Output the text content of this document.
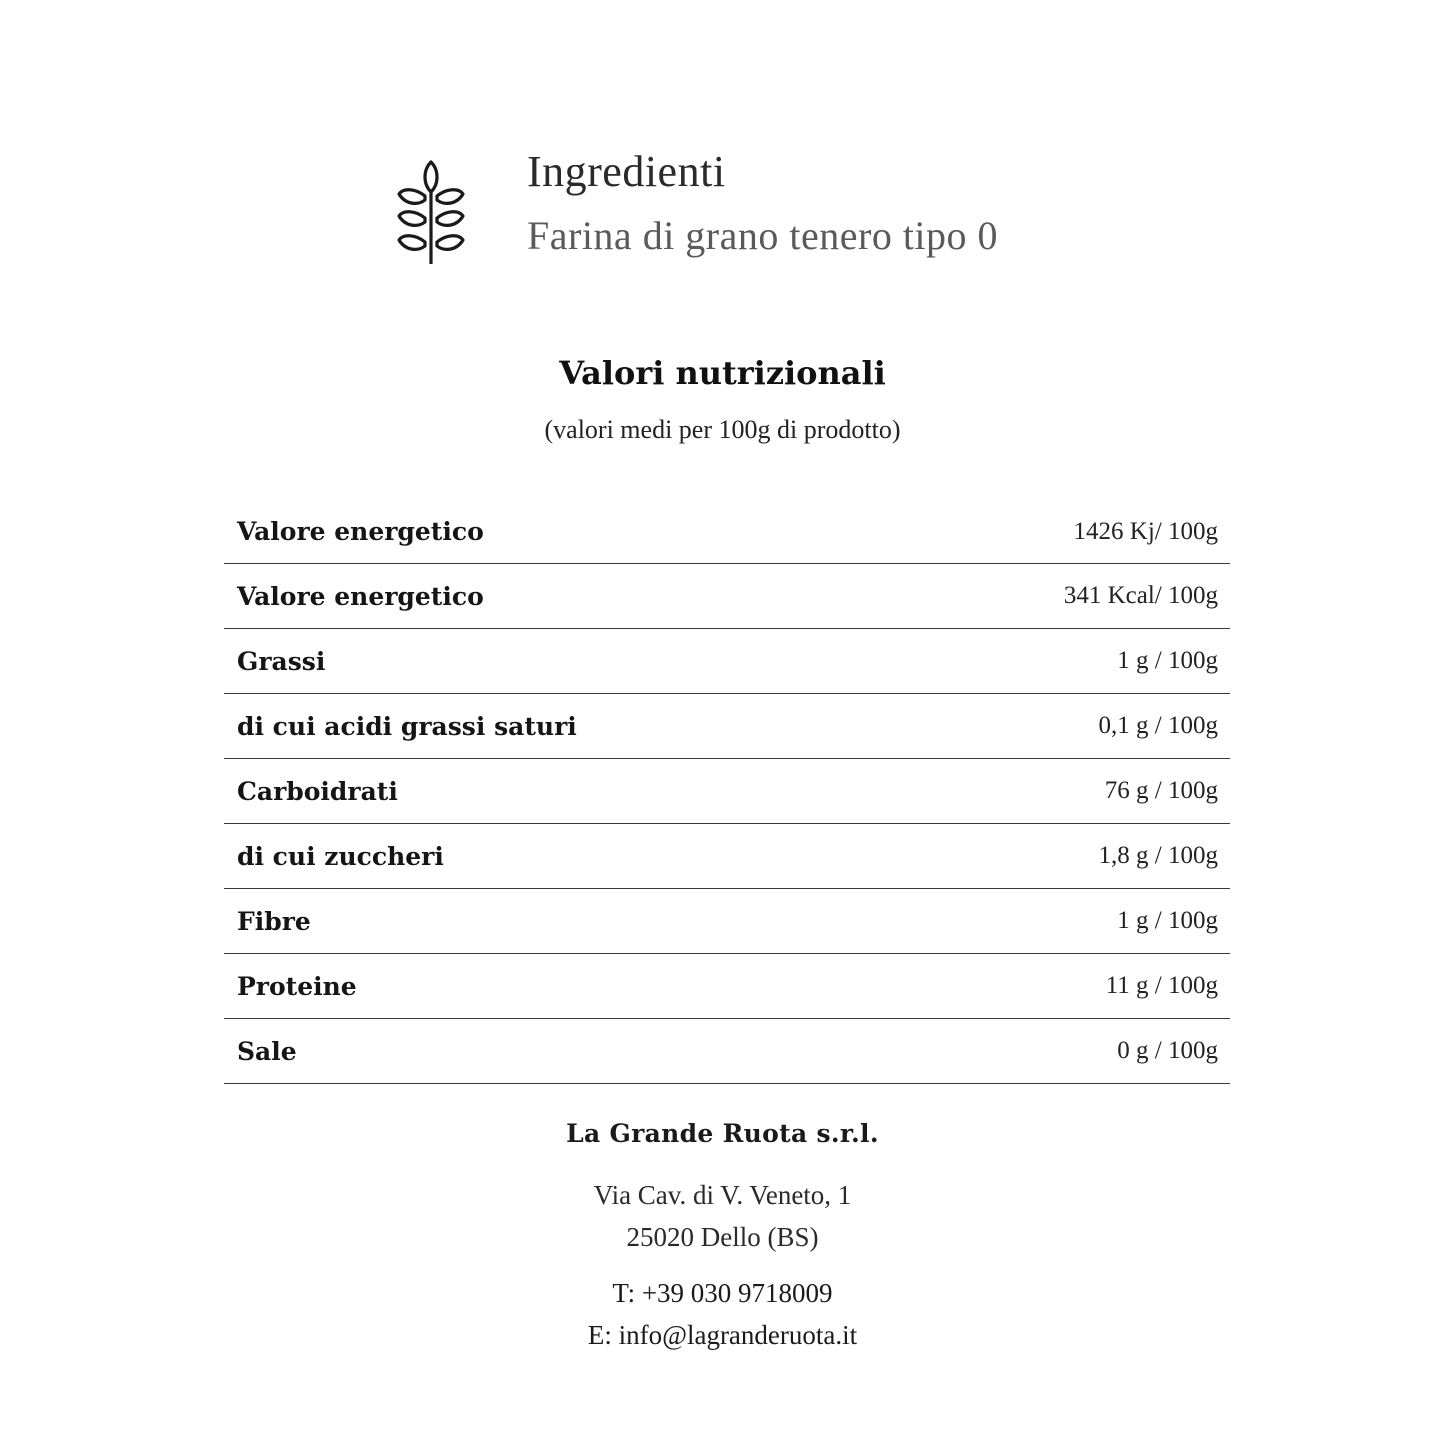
Ingredienti
Farina di grano tenero tipo 0
Valori nutrizionali
(valori medi per 100g di prodotto)
Valore energetico	1426 Kj/ 100g
Valore energetico	341 Kcal/ 100g
Grassi	1 g / 100g
di cui acidi grassi saturi	0,1 g / 100g
Carboidrati	76 g / 100g
di cui zuccheri	1,8 g / 100g
Fibre	1 g / 100g
Proteine	11 g / 100g
Sale	0 g / 100g
La Grande Ruota s.r.l.
Via Cav. di V. Veneto, 1
25020 Dello (BS)
T: +39 030 9718009
E: info@lagranderuota.it
